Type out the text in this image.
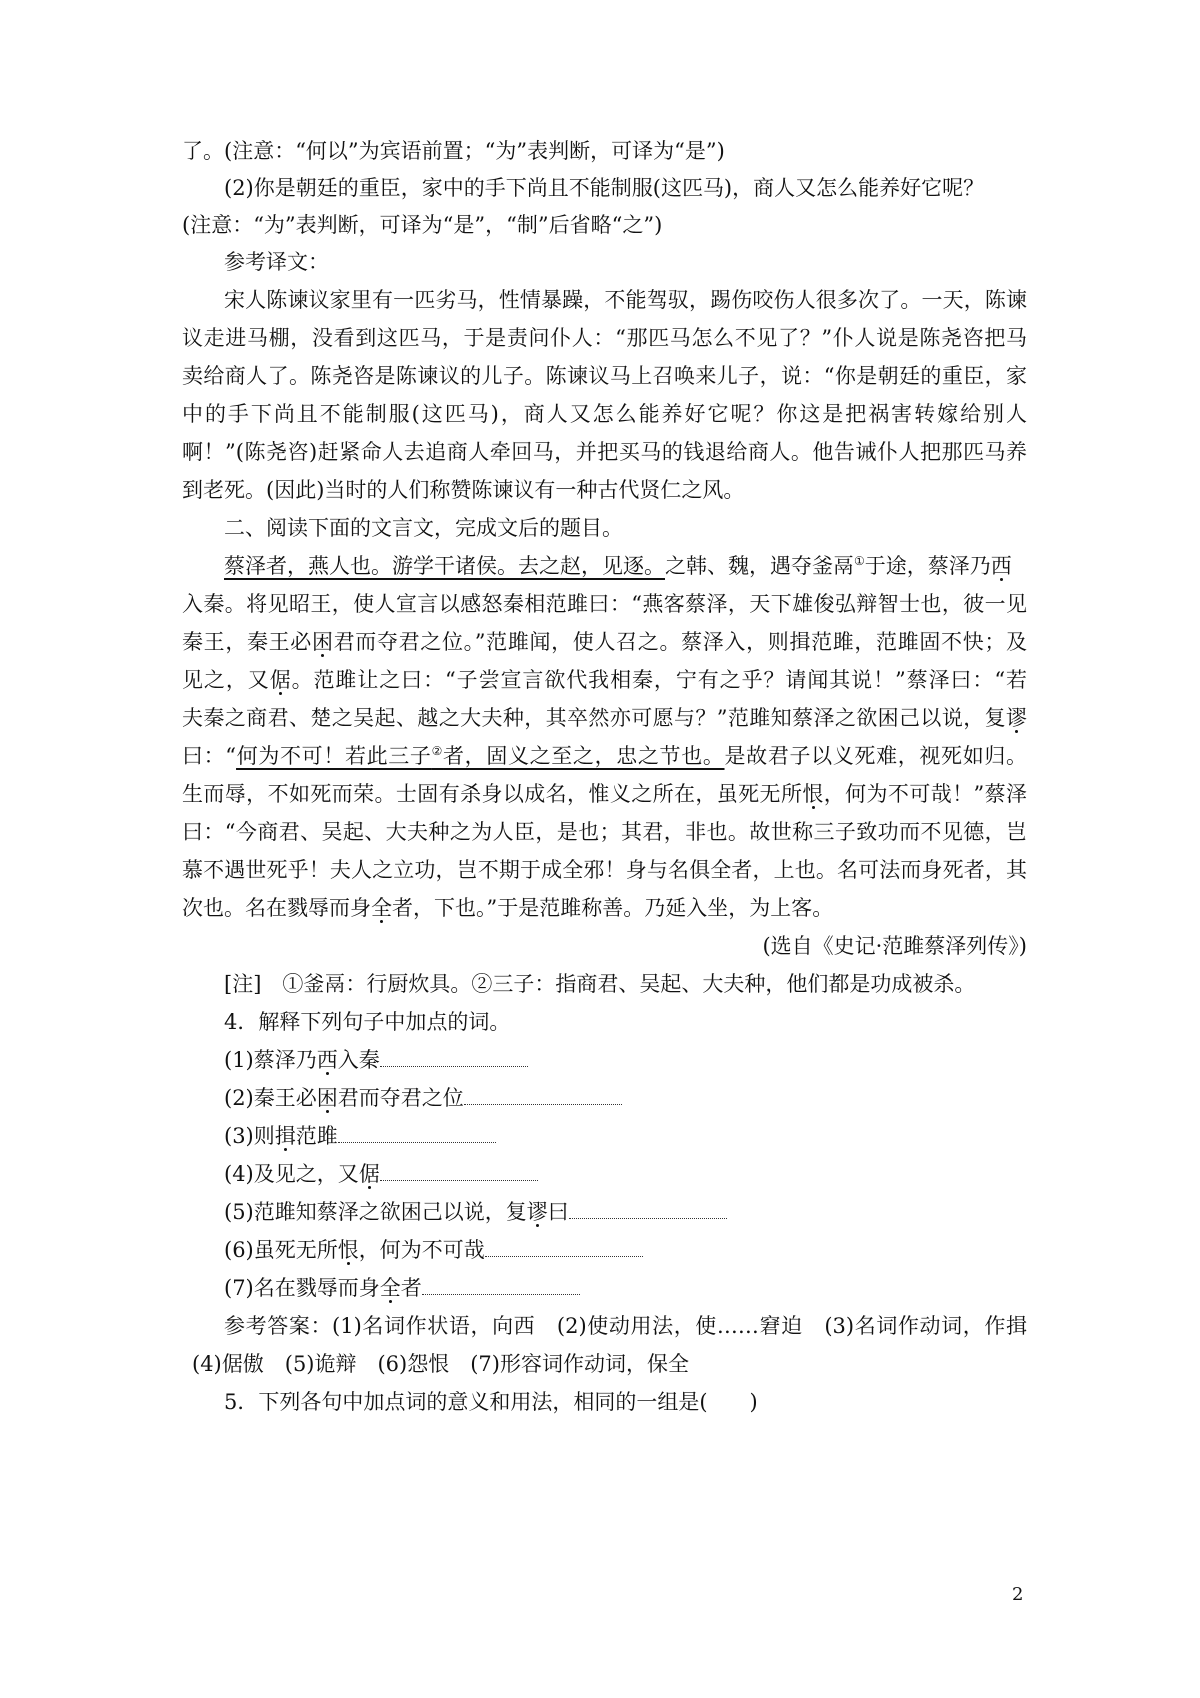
了。(注意：“何以”为宾语前置；“为”表判断，可译为“是”)
(2)你是朝廷的重臣，家中的手下尚且不能制服(这匹马)，商人又怎么能养好它呢？
(注意：“为”表判断，可译为“是”，“制”后省略“之”)
参考译文：
宋人陈谏议家里有一匹劣马，性情暴躁，不能驾驭，踢伤咬伤人很多次了。一天，陈谏
议走进马棚，没看到这匹马，于是责问仆人：“那匹马怎么不见了？”仆人说是陈尧咨把马
卖给商人了。陈尧咨是陈谏议的儿子。陈谏议马上召唤来儿子，说：“你是朝廷的重臣，家
中的手下尚且不能制服(这匹马)，商人又怎么能养好它呢？你这是把祸害转嫁给别人
啊！”(陈尧咨)赶紧命人去追商人牵回马，并把买马的钱退给商人。他告诫仆人把那匹马养
到老死。(因此)当时的人们称赞陈谏议有一种古代贤仁之风。
二、阅读下面的文言文，完成文后的题目。
蔡泽者，燕人也。游学干诸侯。去之赵，见逐。之韩、魏，遇夺釜鬲①于途，蔡泽乃西
入秦。将见昭王，使人宣言以感怒秦相范雎曰：“燕客蔡泽，天下雄俊弘辩智士也，彼一见
秦王，秦王必困君而夺君之位。”范雎闻，使人召之。蔡泽入，则揖范雎，范雎固不快；及
见之，又倨。范雎让之曰：“子尝宣言欲代我相秦，宁有之乎？请闻其说！”蔡泽曰：“若
夫秦之商君、楚之吴起、越之大夫种，其卒然亦可愿与？”范雎知蔡泽之欲困己以说，复谬
曰：“何为不可！若此三子②者，固义之至之，忠之节也。是故君子以义死难，视死如归。
生而辱，不如死而荣。士固有杀身以成名，惟义之所在，虽死无所恨，何为不可哉！”蔡泽
曰：“今商君、吴起、大夫种之为人臣，是也；其君，非也。故世称三子致功而不见德，岂
慕不遇世死乎！夫人之立功，岂不期于成全邪！身与名俱全者，上也。名可法而身死者，其
次也。名在戮辱而身全者，下也。”于是范雎称善。乃延入坐，为上客。
(选自《史记·范雎蔡泽列传》)
[注]　①釜鬲：行厨炊具。②三子：指商君、吴起、大夫种，他们都是功成被杀。
4．解释下列句子中加点的词。
(1)蔡泽乃西入秦
(2)秦王必困君而夺君之位
(3)则揖范雎
(4)及见之，又倨
(5)范雎知蔡泽之欲困己以说，复谬曰
(6)虽死无所恨，何为不可哉
(7)名在戮辱而身全者
参考答案：(1)名词作状语，向西　(2)使动用法，使……窘迫　(3)名词作动词，作揖
(4)倨傲　(5)诡辩　(6)怨恨　(7)形容词作动词，保全
5．下列各句中加点词的意义和用法，相同的一组是(　　)
2
